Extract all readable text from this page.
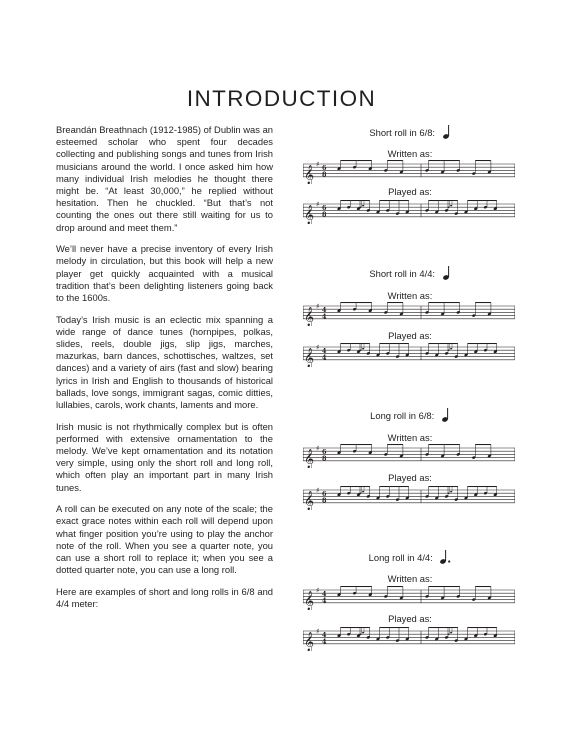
INTRODUCTION

Breandán Breathnach (1912-1985) of Dublin was an esteemed scholar who spent four decades collecting and publishing songs and tunes from Irish musicians around the world. I once asked him how many individual Irish melodies he thought there might be. “At least 30,000,” he replied without hesitation. Then he chuckled. “But that’s not counting the ones out there still waiting for us to drop around and meet them.”

We’ll never have a precise inventory of every Irish melody in circulation, but this book will help a new player get quickly acquainted with a musical tradition that’s been delighting listeners going back to the 1600s.

Today’s Irish music is an eclectic mix spanning a wide range of dance tunes (hornpipes, polkas, slides, reels, double jigs, slip jigs, marches, mazurkas, barn dances, schottisches, waltzes, set dances) and a variety of airs (fast and slow) bearing lyrics in Irish and English to thousands of historical ballads, love songs, immigrant sagas, comic ditties, lullabies, carols, work chants, laments and more.

Irish music is not rhythmically complex but is often performed with extensive ornamentation to the melody. We’ve kept ornamentation and its notation very simple, using only the short roll and long roll, which often play an important part in many Irish tunes.

A roll can be executed on any note of the scale; the exact grace notes within each roll will depend upon what finger position you’re using to play the anchor note of the roll. When you see a quarter note, you can use a short roll to replace it; when you see a dotted quarter note, you can use a long roll.

Here are examples of short and long rolls in 6/8 and 4/4 meter:

Short roll in 6/8:
Written as:
𝄞
♯ 6
8
Played as:
𝄞
♯ 6
8
Short roll in 4/4:
Written as:
𝄞
♯ 4
4
Played as:
𝄞
♯ 4
4
Long roll in 6/8:
Written as:
𝄞
♯ 6
8
Played as:
𝄞
♯ 6
8
Long roll in 4/4:
Written as:
𝄞
♯ 4
4
Played as:
𝄞
♯ 4
4
